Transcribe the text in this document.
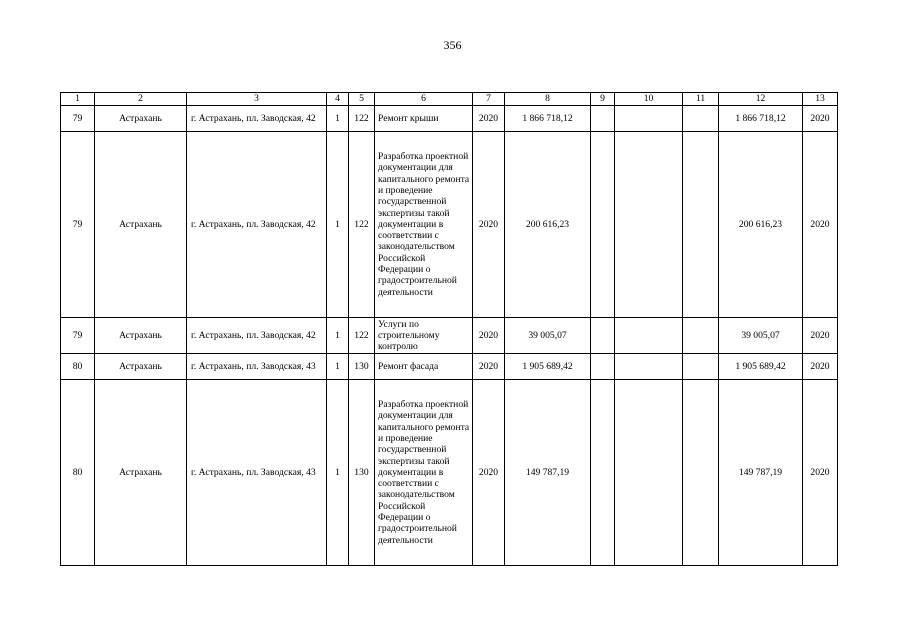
356
1	2	3	4	5	6	7	8	9	10	11	12	13
79	Астрахань	г. Астрахань, пл. Заводская, 42	1	122	Ремонт крыши	2020	1 866 718,12				1 866 718,12	2020
79	Астрахань	г. Астрахань, пл. Заводская, 42	1	122	Разработка проектной документации для капитального ремонта и проведение государственной экспертизы такой документации в соответствии с законодательством Российской Федерации о градостроительной деятельности	2020	200 616,23				200 616,23	2020
79	Астрахань	г. Астрахань, пл. Заводская, 42	1	122	Услуги по строительному контролю	2020	39 005,07				39 005,07	2020
80	Астрахань	г. Астрахань, пл. Заводская, 43	1	130	Ремонт фасада	2020	1 905 689,42				1 905 689,42	2020
80	Астрахань	г. Астрахань, пл. Заводская, 43	1	130	Разработка проектной документации для капитального ремонта и проведение государственной экспертизы такой документации в соответствии с законодательством Российской Федерации о градостроительной деятельности	2020	149 787,19				149 787,19	2020
